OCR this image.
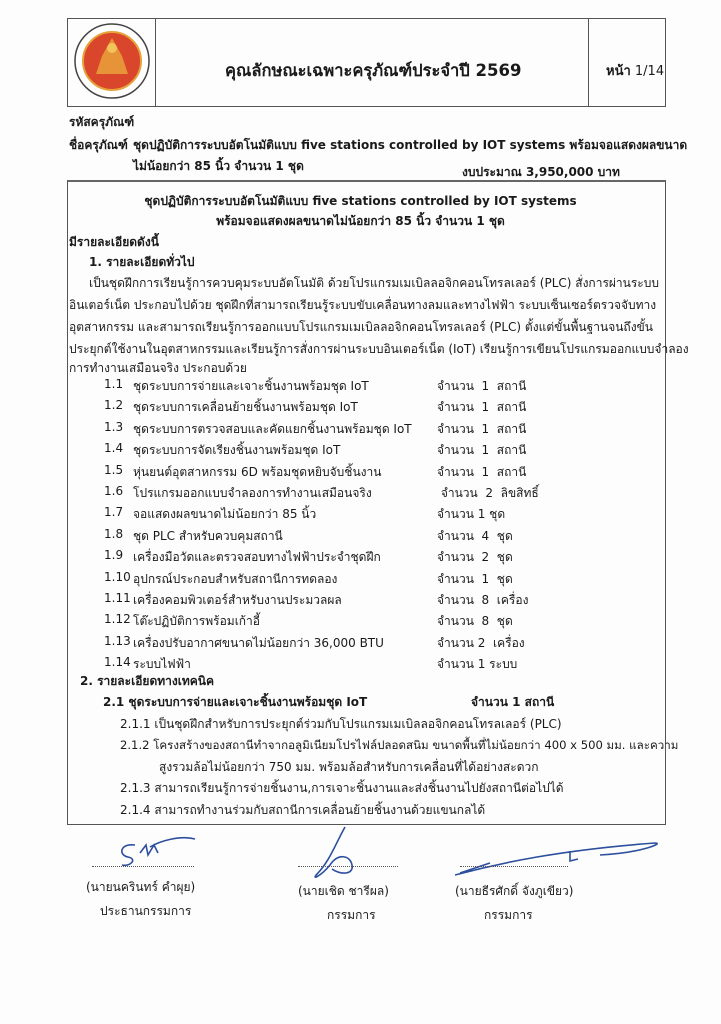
คุณลักษณะเฉพาะครุภัณฑ์ประจำปี 2569	หน้า 1/14
รหัสครุภัณฑ์
ชื่อครุภัณฑ์ ชุดปฏิบัติการระบบอัตโนมัติแบบ five stations controlled by IOT systems พร้อมจอแสดงผลขนาด
ไม่น้อยกว่า 85 นิ้ว จำนวน 1 ชุด	งบประมาณ 3,950,000 บาท
ชุดปฏิบัติการระบบอัตโนมัติแบบ five stations controlled by IOT systems
พร้อมจอแสดงผลขนาดไม่น้อยกว่า 85 นิ้ว จำนวน 1 ชุด
มีรายละเอียดดังนี้
1. รายละเอียดทั่วไป
เป็นชุดฝึกการเรียนรู้การควบคุมระบบอัตโนมัติ ด้วยโปรแกรมเมเบิลลอจิกคอนโทรลเลอร์ (PLC) สั่งการผ่านระบบ
อินเตอร์เน็ต ประกอบไปด้วย ชุดฝึกที่สามารถเรียนรู้ระบบขับเคลื่อนทางลมและทางไฟฟ้า ระบบเซ็นเซอร์ตรวจจับทาง
อุตสาหกรรม และสามารถเรียนรู้การออกแบบโปรแกรมเมเบิลลอจิกคอนโทรลเลอร์ (PLC) ตั้งแต่ขั้นพื้นฐานจนถึงขั้น
ประยุกต์ใช้งานในอุตสาหกรรมและเรียนรู้การสั่งการผ่านระบบอินเตอร์เน็ต (IoT) เรียนรู้การเขียนโปรแกรมออกแบบจำลอง
การทำงานเสมือนจริง ประกอบด้วย
1.1 ชุดระบบการจ่ายและเจาะชิ้นงานพร้อมชุด IoT	จำนวน  1  สถานี
1.2 ชุดระบบการเคลื่อนย้ายชิ้นงานพร้อมชุด IoT	จำนวน  1  สถานี
1.3 ชุดระบบการตรวจสอบและคัดแยกชิ้นงานพร้อมชุด IoT จำนวน  1  สถานี
1.4 ชุดระบบการจัดเรียงชิ้นงานพร้อมชุด IoT	จำนวน  1  สถานี
1.5 หุ่นยนต์อุตสาหกรรม 6D พร้อมชุดหยิบจับชิ้นงาน	จำนวน  1  สถานี
1.6 โปรแกรมออกแบบจำลองการทำงานเสมือนจริง	จำนวน  2  ลิขสิทธิ์
1.7 จอแสดงผลขนาดไม่น้อยกว่า 85 นิ้ว	จำนวน 1 ชุด
1.8 ชุด PLC สำหรับควบคุมสถานี	จำนวน  4  ชุด
1.9 เครื่องมือวัดและตรวจสอบทางไฟฟ้าประจำชุดฝึก	จำนวน  2  ชุด
1.10 อุปกรณ์ประกอบสำหรับสถานีการทดลอง	จำนวน  1  ชุด
1.11 เครื่องคอมพิวเตอร์สำหรับงานประมวลผล	จำนวน  8  เครื่อง
1.12 โต๊ะปฏิบัติการพร้อมเก้าอี้	จำนวน  8  ชุด
1.13 เครื่องปรับอากาศขนาดไม่น้อยกว่า 36,000 BTU	จำนวน 2  เครื่อง
1.14 ระบบไฟฟ้า	จำนวน 1 ระบบ
2. รายละเอียดทางเทคนิค
2.1 ชุดระบบการจ่ายและเจาะชิ้นงานพร้อมชุด IoT	จำนวน 1 สถานี
2.1.1 เป็นชุดฝึกสำหรับการประยุกต์ร่วมกับโปรแกรมเมเบิลลอจิกคอนโทรลเลอร์ (PLC)
2.1.2 โครงสร้างของสถานีทำจากอลูมิเนียมโปรไฟล์ปลอดสนิม ขนาดพื้นที่ไม่น้อยกว่า 400 x 500 มม. และความ
สูงรวมล้อไม่น้อยกว่า 750 มม. พร้อมล้อสำหรับการเคลื่อนที่ได้อย่างสะดวก
2.1.3 สามารถเรียนรู้การจ่ายชิ้นงาน,การเจาะชิ้นงานและส่งชิ้นงานไปยังสถานีต่อไปได้
2.1.4 สามารถทำงานร่วมกับสถานีการเคลื่อนย้ายชิ้นงานด้วยแขนกลได้
(นายนครินทร์ คำผุย)
ประธานกรรมการ
(นายเชิด ชารีผล)
กรรมการ
(นายธีรศักดิ์ จังภูเขียว)
กรรมการ
